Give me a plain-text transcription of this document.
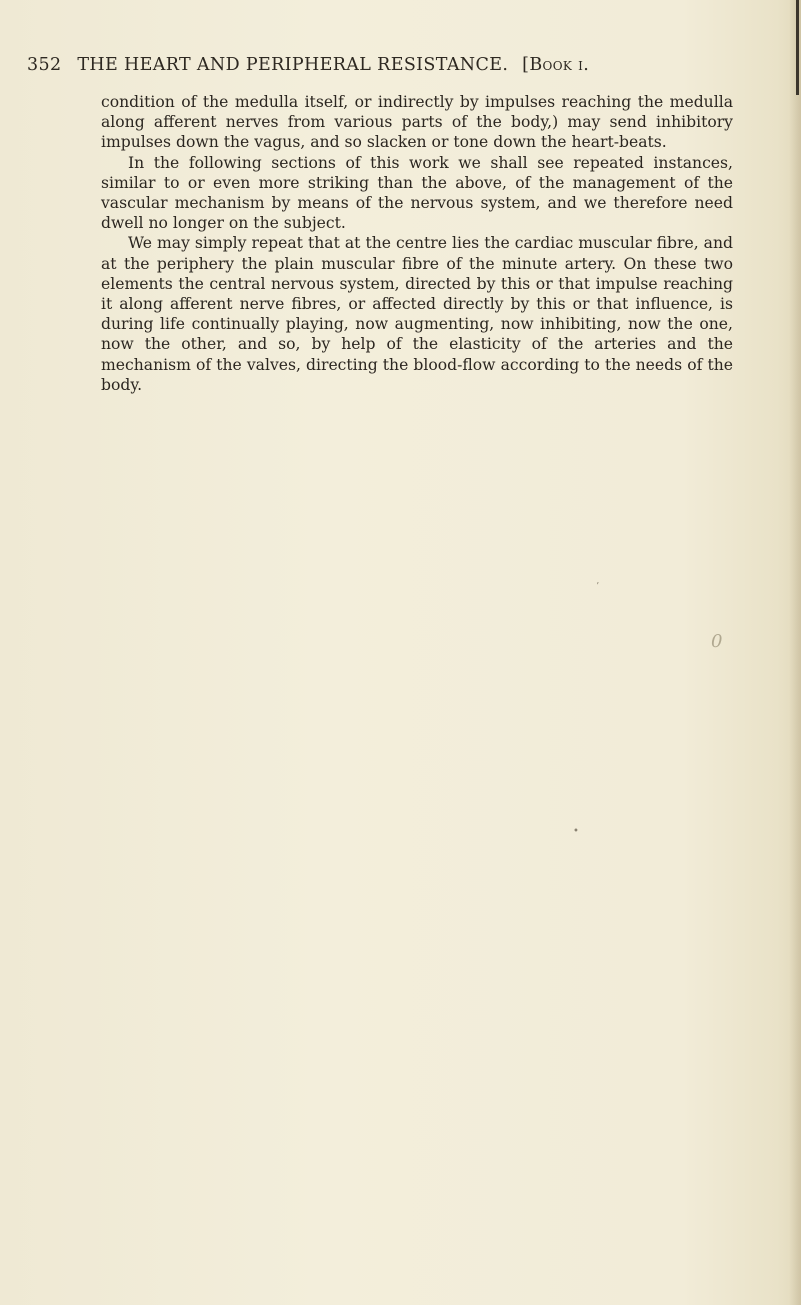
352 THE HEART AND PERIPHERAL RESISTANCE. [Book i.

condition of the medulla itself, or indirectly by impulses reaching the medulla along afferent nerves from various parts of the body,) may send inhibitory impulses down the vagus, and so slacken or tone down the heart-beats.

In the following sections of this work we shall see repeated instances, similar to or even more striking than the above, of the management of the vascular mechanism by means of the nervous system, and we therefore need dwell no longer on the subject.

We may simply repeat that at the centre lies the cardiac muscular fibre, and at the periphery the plain muscular fibre of the minute artery. On these two elements the central nervous system, directed by this or that impulse reaching it along afferent nerve fibres, or affected directly by this or that influence, is during life continually playing, now augmenting, now inhibiting, now the one, now the other, and so, by help of the elasticity of the arteries and the mechanism of the valves, directing the blood-flow according to the needs of the body.

ʼ
0
•
